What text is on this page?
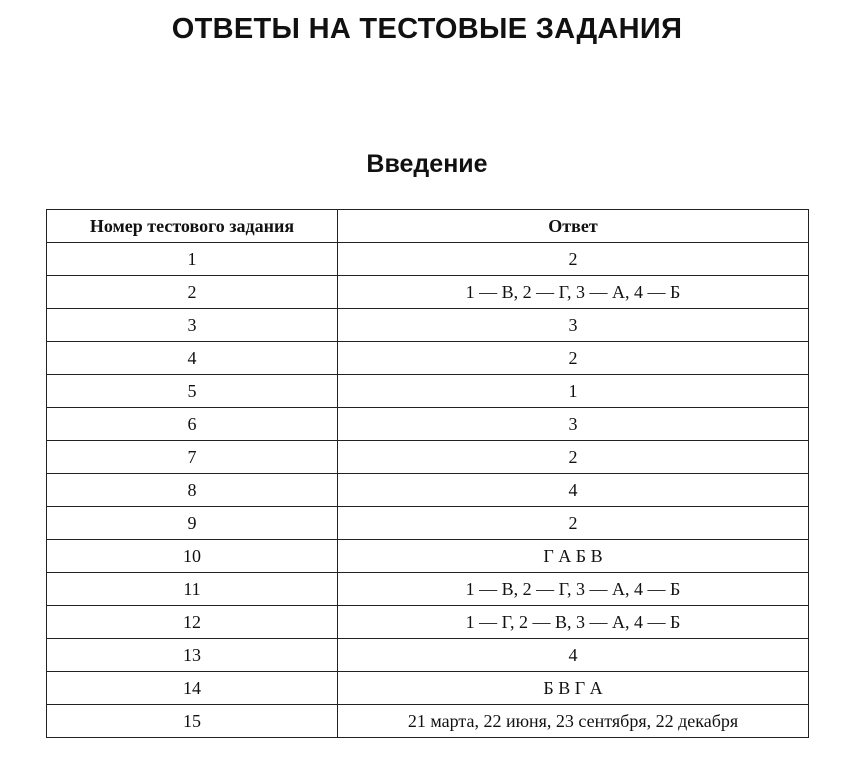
ОТВЕТЫ НА ТЕСТОВЫЕ ЗАДАНИЯ
Введение
Номер тестового задания	Ответ
1	2
2	1 — В, 2 — Г, 3 — А, 4 — Б
3	3
4	2
5	1
6	3
7	2
8	4
9	2
10	Г А Б В
11	1 — В, 2 — Г, 3 — А, 4 — Б
12	1 — Г, 2 — В, 3 — А, 4 — Б
13	4
14	Б В Г А
15	21 марта, 22 июня, 23 сентября, 22 декабря
